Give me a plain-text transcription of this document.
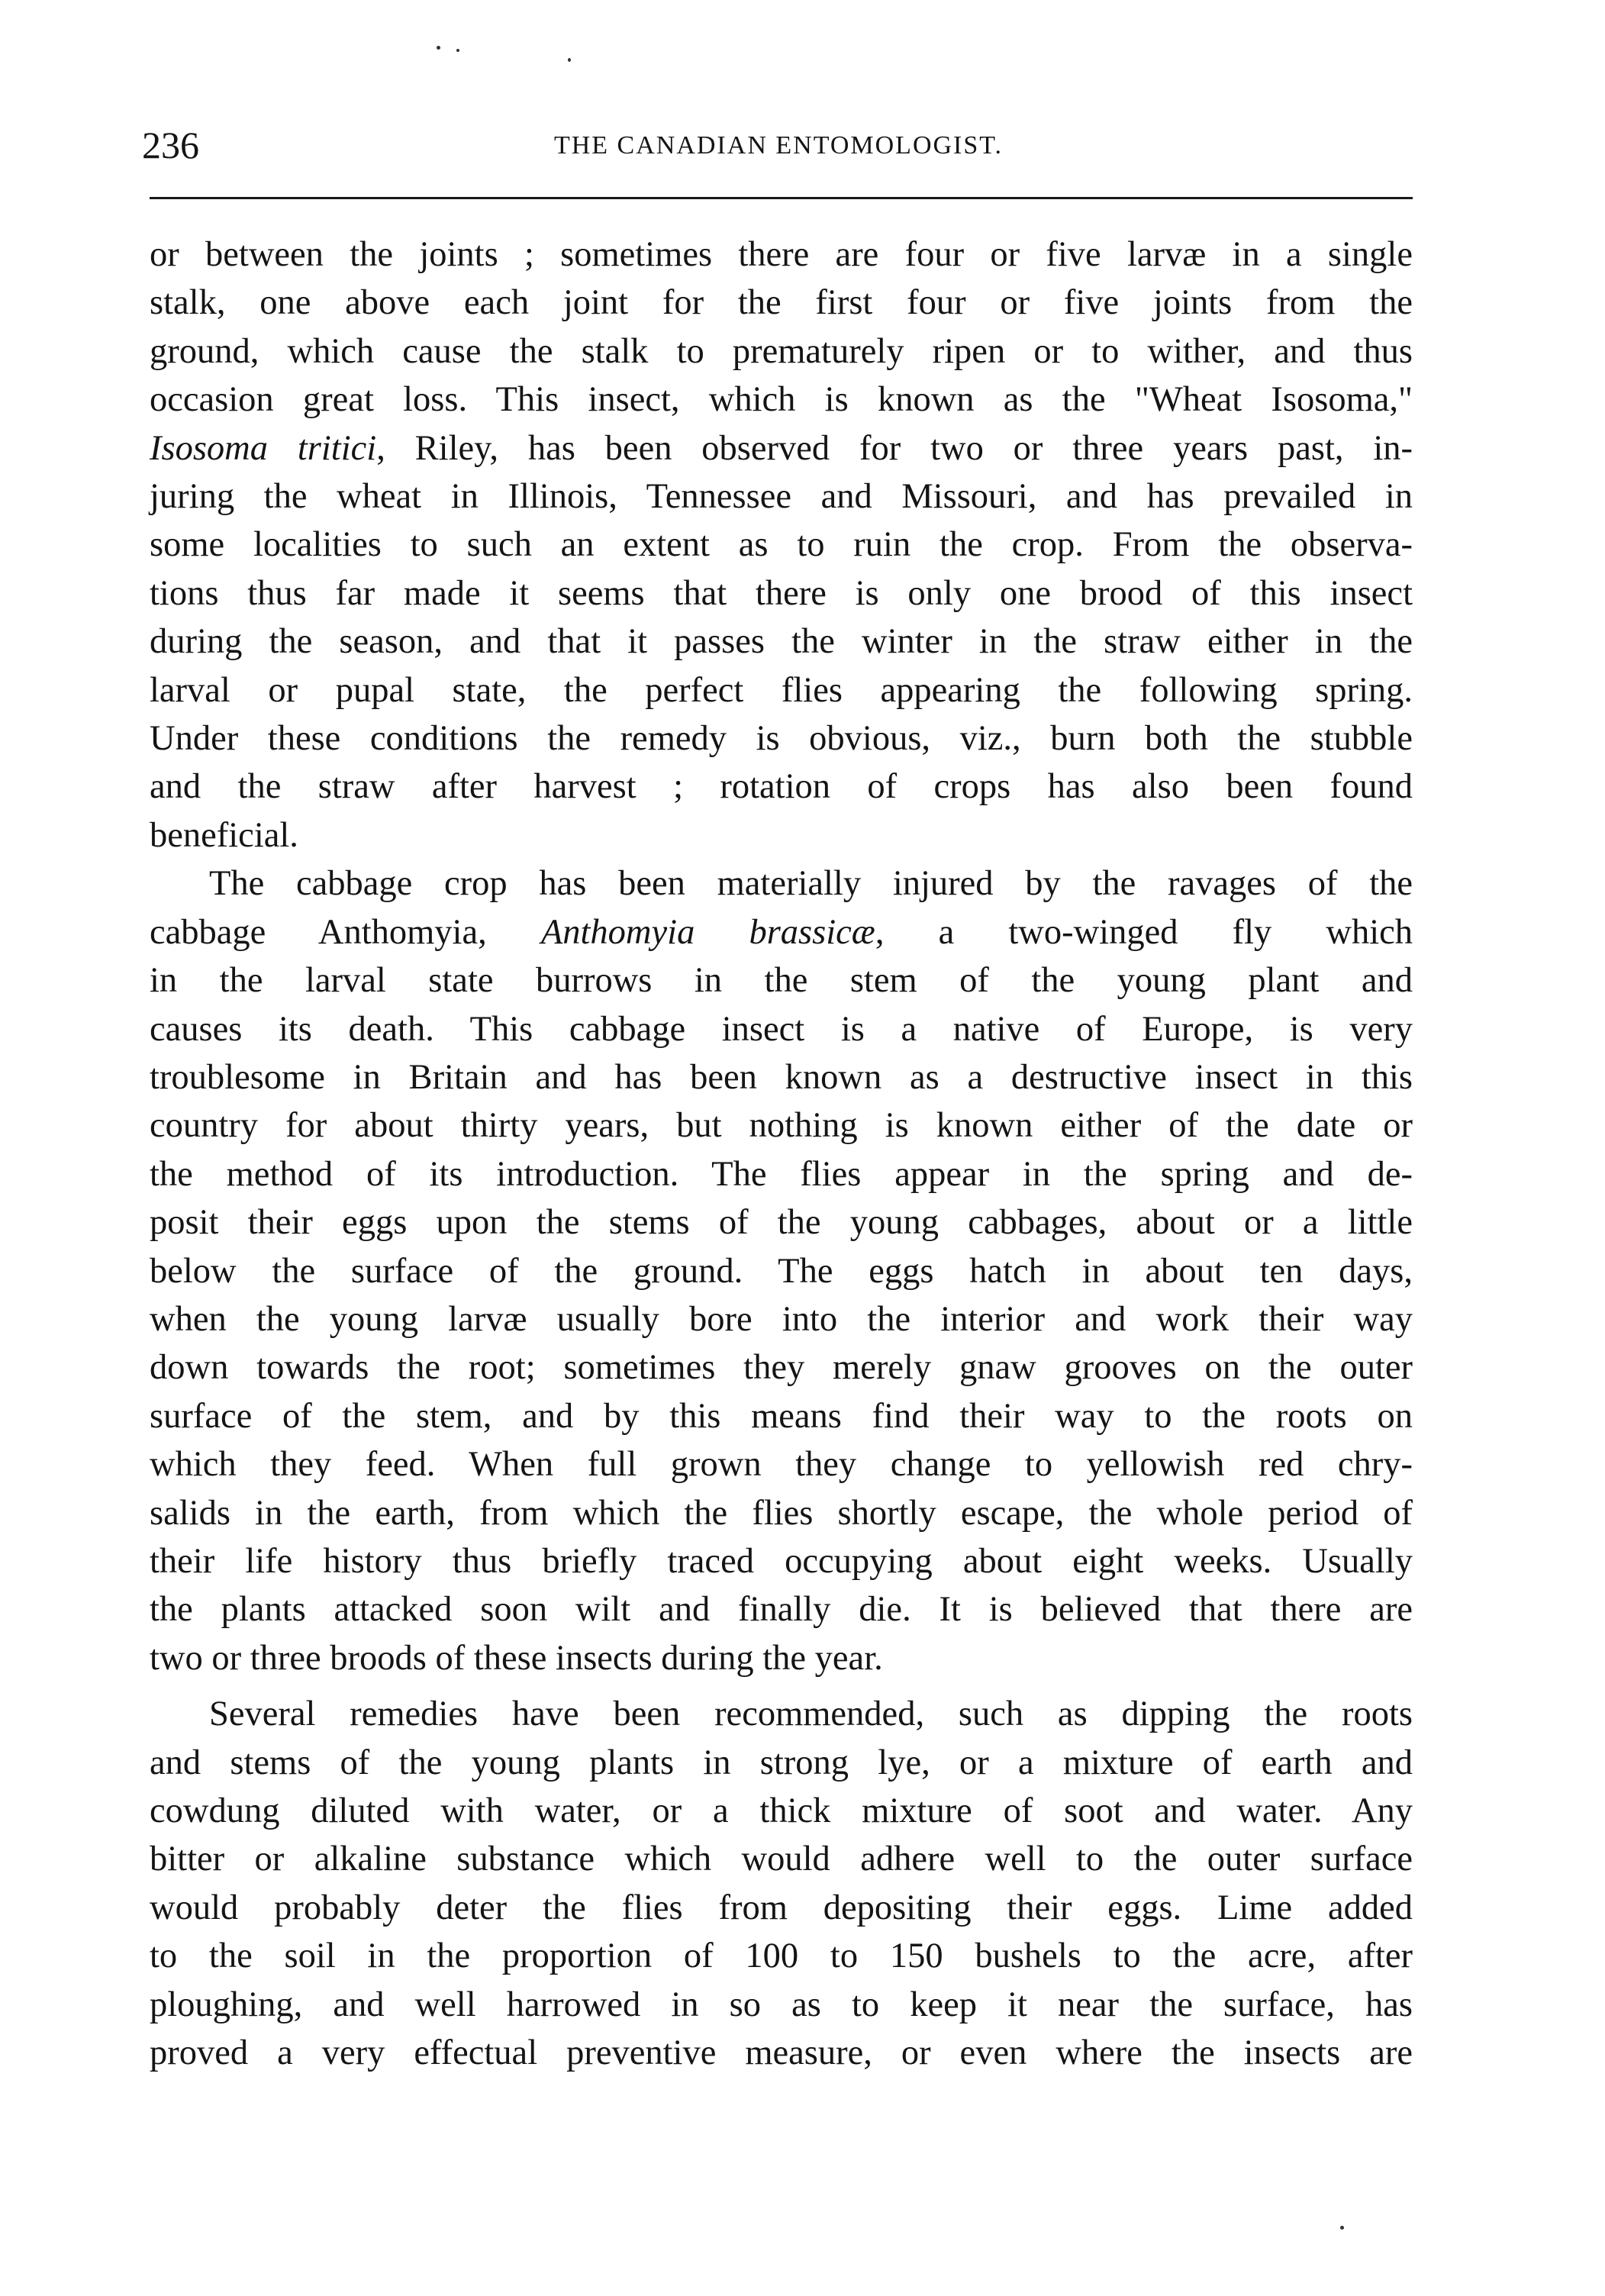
236	THE CANADIAN ENTOMOLOGIST.
or between the joints ; sometimes there are four or five larvæ in a single
stalk, one above each joint for the first four or five joints from the
ground, which cause the stalk to prematurely ripen or to wither, and thus
occasion great loss. This insect, which is known as the "Wheat Isosoma,"
Isosoma tritici, Riley, has been observed for two or three years past, in-
juring the wheat in Illinois, Tennessee and Missouri, and has prevailed in
some localities to such an extent as to ruin the crop. From the observa-
tions thus far made it seems that there is only one brood of this insect
during the season, and that it passes the winter in the straw either in the
larval or pupal state, the perfect flies appearing the following spring.
Under these conditions the remedy is obvious, viz., burn both the stubble
and the straw after harvest ; rotation of crops has also been found
beneficial.
The cabbage crop has been materially injured by the ravages of the
cabbage Anthomyia, Anthomyia brassicæ, a two-winged fly which
in the larval state burrows in the stem of the young plant and
causes its death. This cabbage insect is a native of Europe, is very
troublesome in Britain and has been known as a destructive insect in this
country for about thirty years, but nothing is known either of the date or
the method of its introduction. The flies appear in the spring and de-
posit their eggs upon the stems of the young cabbages, about or a little
below the surface of the ground. The eggs hatch in about ten days,
when the young larvæ usually bore into the interior and work their way
down towards the root; sometimes they merely gnaw grooves on the outer
surface of the stem, and by this means find their way to the roots on
which they feed. When full grown they change to yellowish red chry-
salids in the earth, from which the flies shortly escape, the whole period of
their life history thus briefly traced occupying about eight weeks. Usually
the plants attacked soon wilt and finally die. It is believed that there are
two or three broods of these insects during the year.
Several remedies have been recommended, such as dipping the roots
and stems of the young plants in strong lye, or a mixture of earth and
cowdung diluted with water, or a thick mixture of soot and water. Any
bitter or alkaline substance which would adhere well to the outer surface
would probably deter the flies from depositing their eggs. Lime added
to the soil in the proportion of 100 to 150 bushels to the acre, after
ploughing, and well harrowed in so as to keep it near the surface, has
proved a very effectual preventive measure, or even where the insects are
